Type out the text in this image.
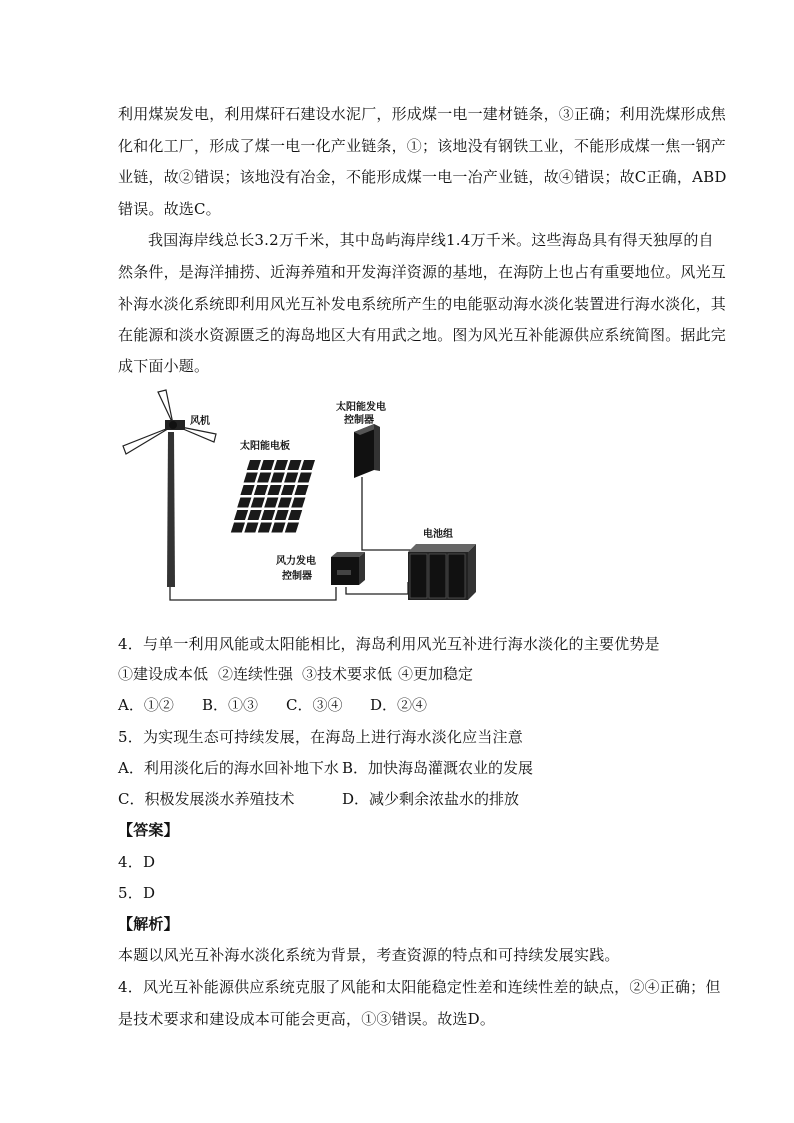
利用煤炭发电，利用煤矸石建设水泥厂，形成煤一电一建材链条，③正确；利用洗煤形成焦
化和化工厂，形成了煤一电一化产业链条，①；该地没有钢铁工业，不能形成煤一焦一钢产
业链，故②错误；该地没有冶金，不能形成煤一电一冶产业链，故④错误；故C正确，ABD
错误。故选C。
我国海岸线总长3.2万千米，其中岛屿海岸线1.4万千米。这些海岛具有得天独厚的自
然条件，是海洋捕捞、近海养殖和开发海洋资源的基地，在海防上也占有重要地位。风光互
补海水淡化系统即利用风光互补发电系统所产生的电能驱动海水淡化装置进行海水淡化，其
在能源和淡水资源匮乏的海岛地区大有用武之地。图为风光互补能源供应系统简图。据此完
成下面小题。
风机
太阳能电板
太阳能发电
控制器
电池组
风力发电
控制器
4．与单一利用风能或太阳能相比，海岛利用风光互补进行海水淡化的主要优势是
①建设成本低 ②连续性强 ③技术要求低 ④更加稳定
A．①② B．①③ C．③④ D．②④
5．为实现生态可持续发展，在海岛上进行海水淡化应当注意
A．利用淡化后的海水回补地下水 B．加快海岛灌溉农业的发展
C．积极发展淡水养殖技术	D．减少剩余浓盐水的排放
【答案】
4．D
5．D
【解析】
本题以风光互补海水淡化系统为背景，考查资源的特点和可持续发展实践。
4．风光互补能源供应系统克服了风能和太阳能稳定性差和连续性差的缺点，②④正确；但
是技术要求和建设成本可能会更高，①③错误。故选D。
